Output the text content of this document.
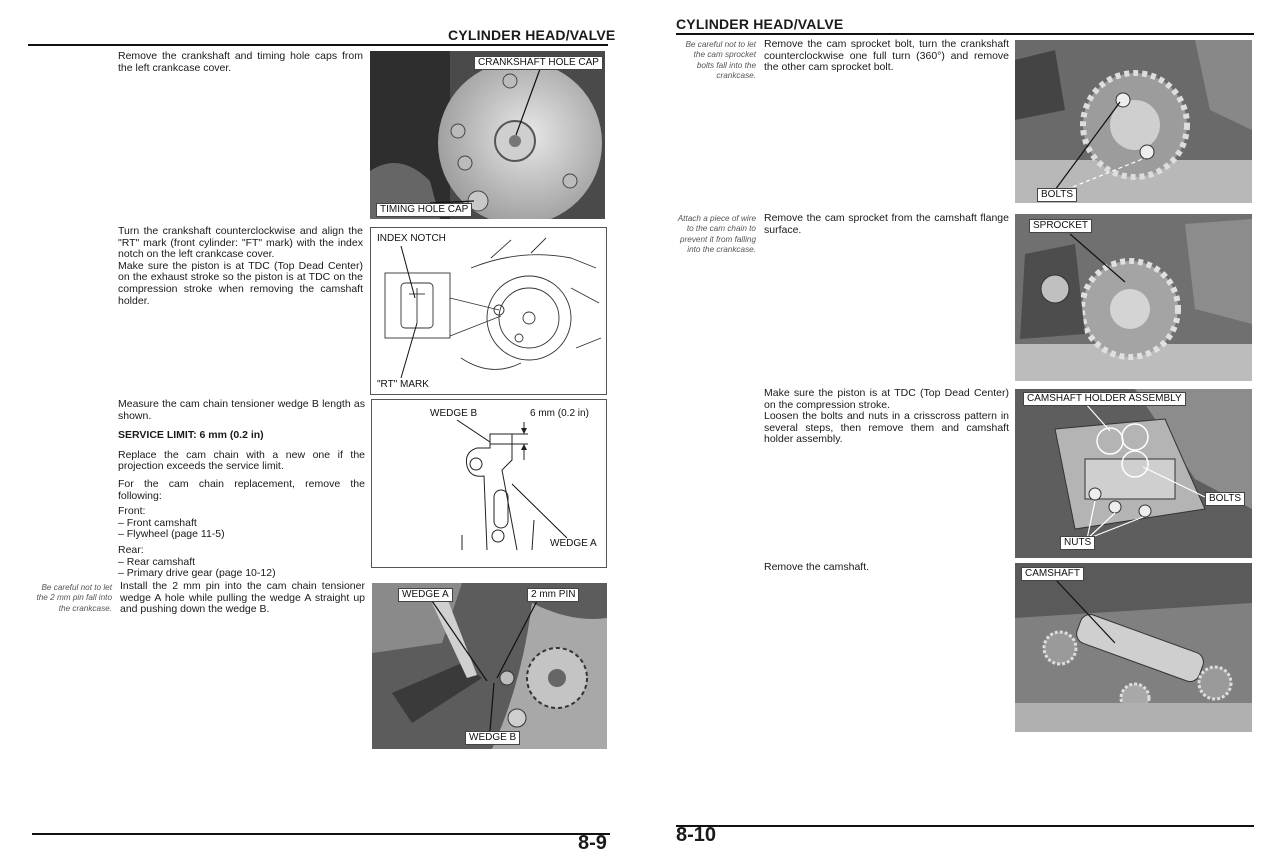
CYLINDER HEAD/VALVE

Remove the crankshaft and timing hole caps from the left crankcase cover.	CRANKSHAFT HOLE CAP
TIMING HOLE CAP

Turn the crankshaft counterclockwise and align the "RT" mark (front cylinder: "FT" mark) with the index notch on the left crankcase cover.

Make sure the piston is at TDC (Top Dead Center) on the exhaust stroke so the piston is at TDC on the compression stroke when removing the camshaft holder.

INDEX NOTCH
"RT" MARK

Measure the cam chain tensioner wedge B length as shown.

SERVICE LIMIT: 6 mm (0.2 in)

Replace the cam chain with a new one if the projection exceeds the service limit.

For the cam chain replacement, remove the following:

Front:

– Front camshaft

– Flywheel (page 11-5)

Rear:

– Rear camshaft

– Primary drive gear (page 10-12)

WEDGE B	6 mm (0.2 in)
WEDGE A

Be careful not to let the 2 mm pin fall into the crankcase.

Install the 2 mm pin into the cam chain tensioner wedge A hole while pulling the wedge A straight up and pushing down the wedge B.

WEDGE A	2 mm PIN
WEDGE B
8-9
CYLINDER HEAD/VALVE

Be careful not to let the cam sprocket bolts fall into the crankcase.

Remove the cam sprocket bolt, turn the crankshaft counterclockwise one full turn (360°) and remove the other cam sprocket bolt.

BOLTS

Attach a piece of wire to the cam chain to prevent it from falling into the crankcase.

Remove the cam sprocket from the camshaft flange surface.	SPROCKET

Make sure the piston is at TDC (Top Dead Center) on the compression stroke.

Loosen the bolts and nuts in a crisscross pattern in several steps, then remove them and camshaft holder assembly.

CAMSHAFT HOLDER ASSEMBLY
BOLTS
NUTS

Remove the camshaft.

CAMSHAFT
8-10
